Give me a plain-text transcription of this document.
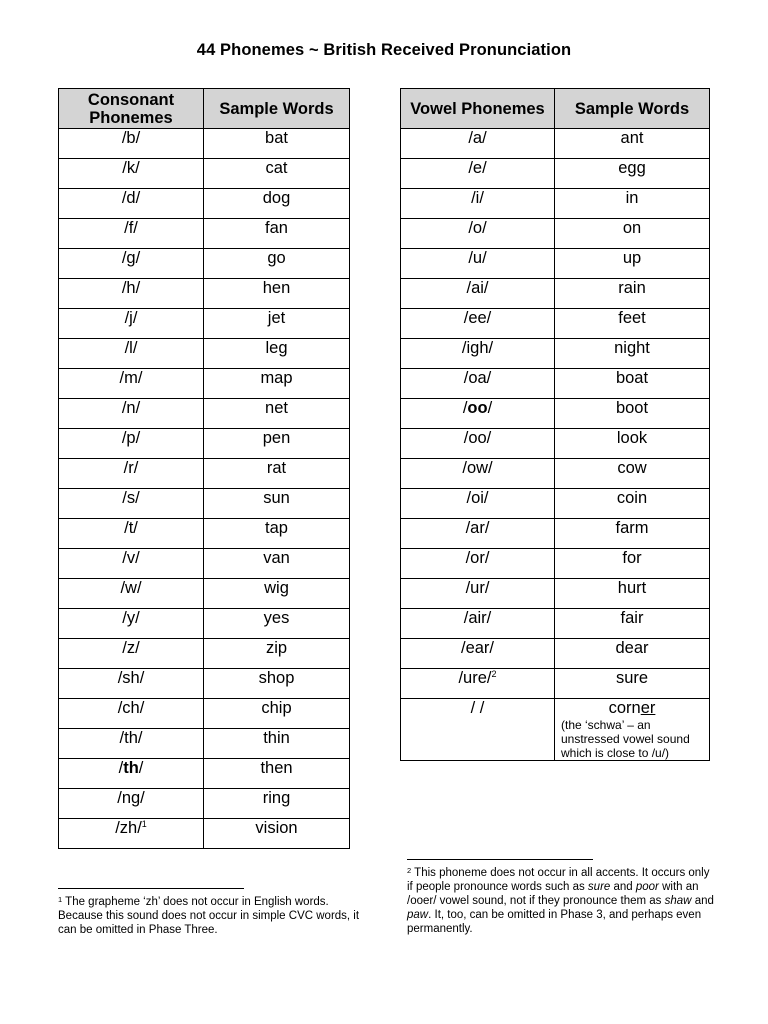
44 Phonemes ~ British Received Pronunciation
Consonant Phonemes	Sample Words
/b/	bat
/k/	cat
/d/	dog
/f/	fan
/g/	go
/h/	hen
/j/	jet
/l/	leg
/m/	map
/n/	net
/p/	pen
/r/	rat
/s/	sun
/t/	tap
/v/	van
/w/	wig
/y/	yes
/z/	zip
/sh/	shop
/ch/	chip
/th/	thin
/th/	then
/ng/	ring
/zh/$^1$	vision
Vowel Phonemes	Sample Words
/a/	ant
/e/	egg
/i/	in
/o/	on
/u/	up
/ai/	rain
/ee/	feet
/igh/	night
/oa/	boat
/oo/	boot
/oo/	look
/ow/	cow
/oi/	coin
/ar/	farm
/or/	for
/ur/	hurt
/air/	fair
/ear/	dear
/ure/$^2$	sure
/ /	corner
(the ‘schwa’ – an unstressed vowel sound which is close to /u/)
$^1$ The grapheme ‘zh’ does not occur in English words. Because this sound does not occur in simple CVC words, it can be omitted in Phase Three.
$^2$ This phoneme does not occur in all accents. It occurs only if people pronounce words such as sure and poor with an /ooer/ vowel sound, not if they pronounce them as shaw and paw. It, too, can be omitted in Phase 3, and perhaps even permanently.
